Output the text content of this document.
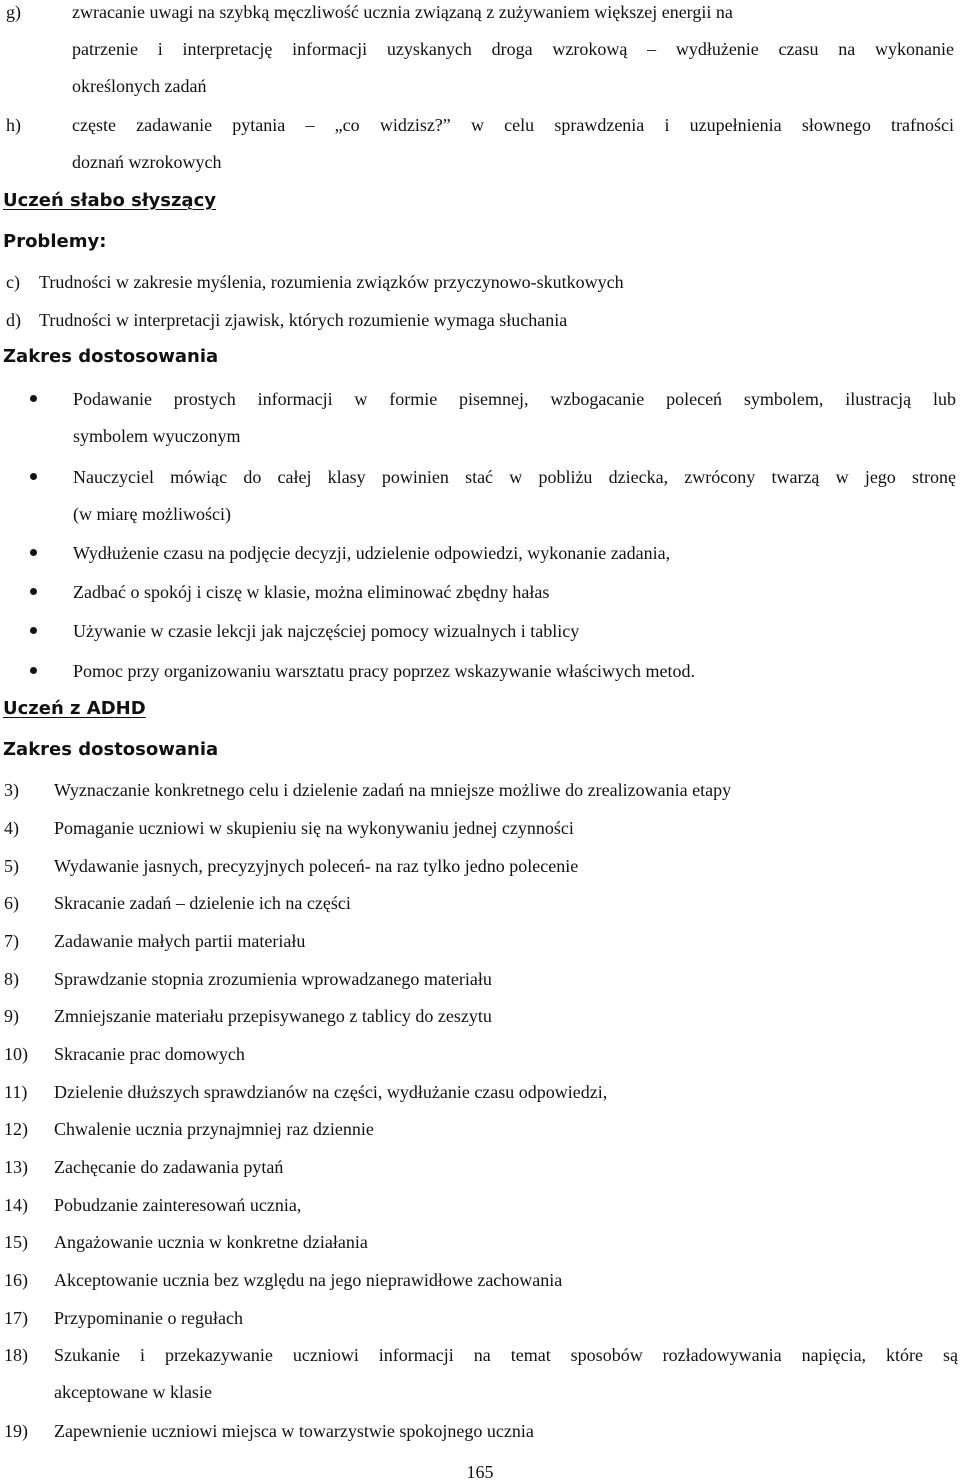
g)	zwracanie uwagi na szybką męczliwość ucznia związaną z zużywaniem większej energii na
patrzenie i interpretację informacji uzyskanych droga wzrokową – wydłużenie czasu na wykonanie
określonych zadań
h)	częste zadawanie pytania – „co widzisz?” w celu sprawdzenia i uzupełnienia słownego trafności
doznań wzrokowych
Uczeń słabo słyszący
Problemy:
c) Trudności w zakresie myślenia, rozumienia związków przyczynowo-skutkowych
d) Trudności w interpretacji zjawisk, których rozumienie wymaga słuchania
Zakres dostosowania
Podawanie prostych informacji w formie pisemnej, wzbogacanie poleceń symbolem, ilustracją lub
symbolem wyuczonym
Nauczyciel mówiąc do całej klasy powinien stać w pobliżu dziecka, zwrócony twarzą w jego stronę
(w miarę możliwości)
Wydłużenie czasu na podjęcie decyzji, udzielenie odpowiedzi, wykonanie zadania,
Zadbać o spokój i ciszę w klasie, można eliminować zbędny hałas
Używanie w czasie lekcji jak najczęściej pomocy wizualnych i tablicy
Pomoc przy organizowaniu warsztatu pracy poprzez wskazywanie właściwych metod.
Uczeń z ADHD
Zakres dostosowania
3) Wyznaczanie konkretnego celu i dzielenie zadań na mniejsze możliwe do zrealizowania etapy
4) Pomaganie uczniowi w skupieniu się na wykonywaniu jednej czynności
5) Wydawanie jasnych, precyzyjnych poleceń- na raz tylko jedno polecenie
6) Skracanie zadań – dzielenie ich na części
7) Zadawanie małych partii materiału
8) Sprawdzanie stopnia zrozumienia wprowadzanego materiału
9) Zmniejszanie materiału przepisywanego z tablicy do zeszytu
10) Skracanie prac domowych
11) Dzielenie dłuższych sprawdzianów na części, wydłużanie czasu odpowiedzi,
12) Chwalenie ucznia przynajmniej raz dziennie
13) Zachęcanie do zadawania pytań
14) Pobudzanie zainteresowań ucznia,
15) Angażowanie ucznia w konkretne działania
16) Akceptowanie ucznia bez względu na jego nieprawidłowe zachowania
17) Przypominanie o regułach
18) Szukanie i przekazywanie uczniowi informacji na temat sposobów rozładowywania napięcia, które są
akceptowane w klasie
19) Zapewnienie uczniowi miejsca w towarzystwie spokojnego ucznia
165
